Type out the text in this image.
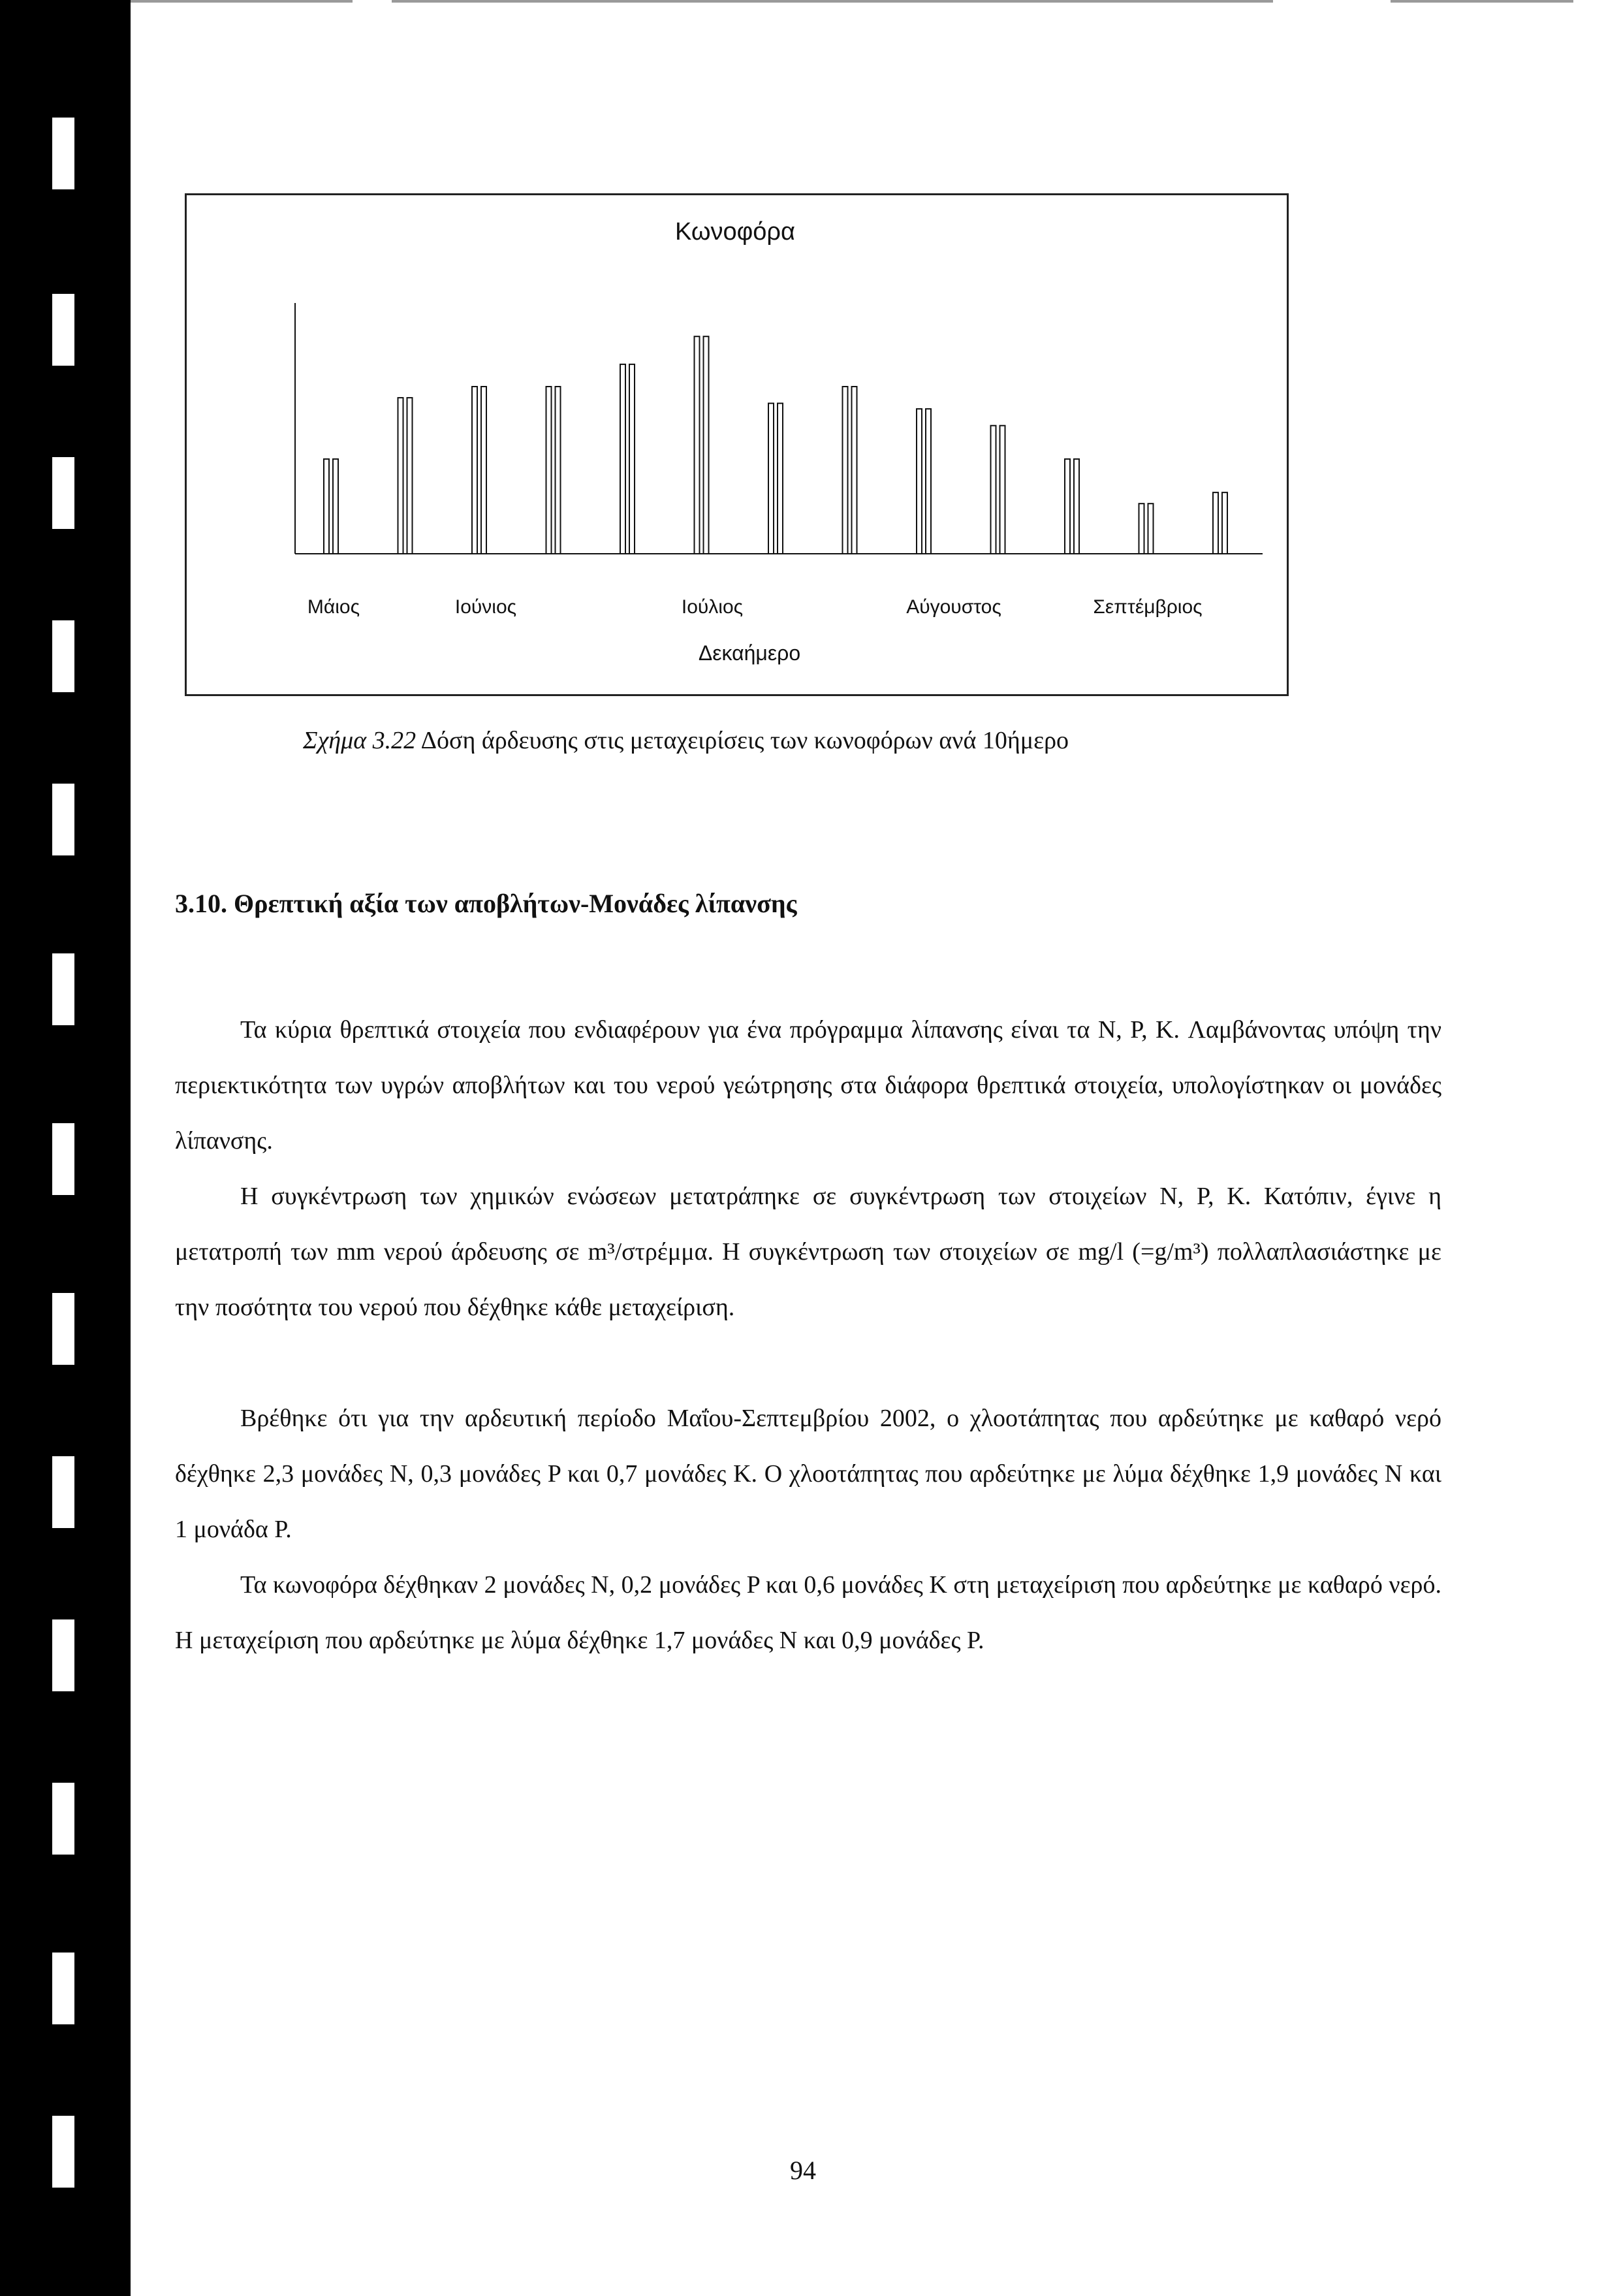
Κωνοφόρα
Μάιος	Ιούνιος	Ιούλιος	Αύγουστος	Σεπτέμβριος
Δεκαήμερο
Σχήμα 3.22 Δόση άρδευσης στις μεταχειρίσεις των κωνοφόρων ανά 10ήμερο
3.10. Θρεπτική αξία των αποβλήτων-Μονάδες λίπανσης

Τα κύρια θρεπτικά στοιχεία που ενδιαφέρουν για ένα πρόγραμμα λίπανσης είναι τα N, P, K. Λαμβάνοντας υπόψη την περιεκτικότητα των υγρών αποβλήτων και του νερού γεώτρησης στα διάφορα θρεπτικά στοιχεία, υπολογίστηκαν οι μονάδες λίπανσης.

Η συγκέντρωση των χημικών ενώσεων μετατράπηκε σε συγκέντρωση των στοιχείων N, P, K. Κατόπιν, έγινε η μετατροπή των mm νερού άρδευσης σε m³/στρέμμα. Η συγκέντρωση των στοιχείων σε mg/l (=g/m³) πολλαπλασιάστηκε με την ποσότητα του νερού που δέχθηκε κάθε μεταχείριση.

Βρέθηκε ότι για την αρδευτική περίοδο Μαΐου-Σεπτεμβρίου 2002, ο χλοοτάπητας που αρδεύτηκε με καθαρό νερό δέχθηκε 2,3 μονάδες N, 0,3 μονάδες P και 0,7 μονάδες K. Ο χλοοτάπητας που αρδεύτηκε με λύμα δέχθηκε 1,9 μονάδες N και 1 μονάδα P.

Τα κωνοφόρα δέχθηκαν 2 μονάδες N, 0,2 μονάδες P και 0,6 μονάδες K στη μεταχείριση που αρδεύτηκε με καθαρό νερό. Η μεταχείριση που αρδεύτηκε με λύμα δέχθηκε 1,7 μονάδες N και 0,9 μονάδες P.

94
